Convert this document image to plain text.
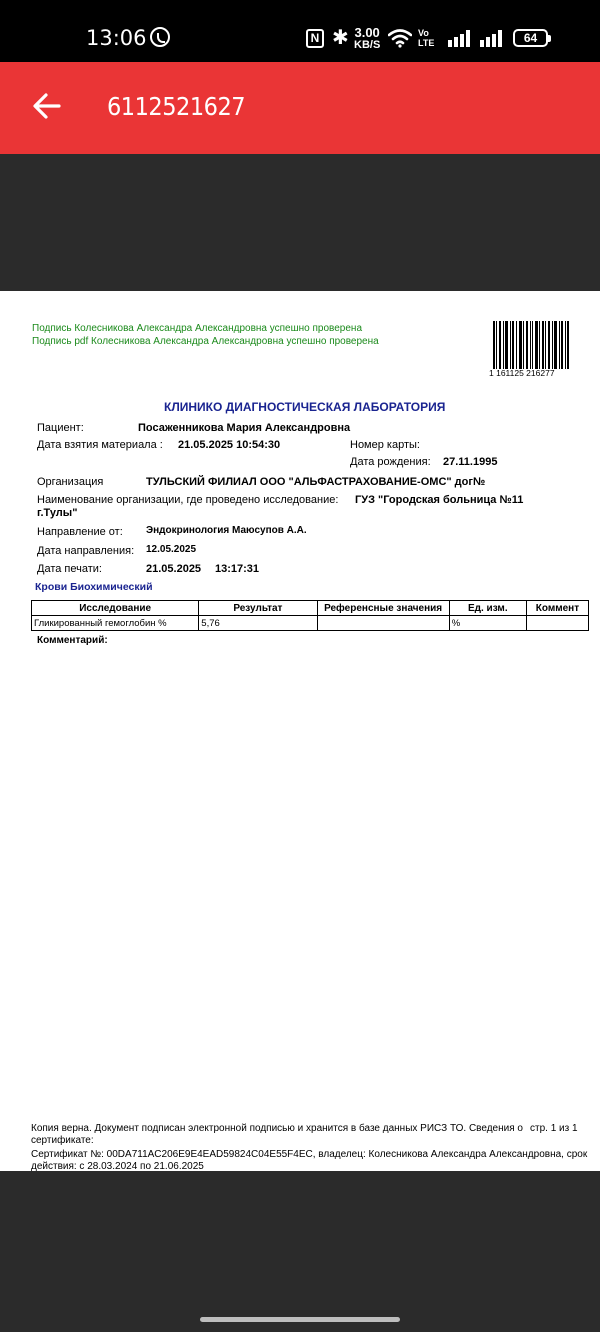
13:06	N ✱ 3.00
KB/S
Vo
LTE	64
6112521627
Подпись Колесникова Александра Александровна успешно проверена
Подпись pdf Колесникова Александра Александровна успешно проверена
1 161125 216277
КЛИНИКО ДИАГНОСТИЧЕСКАЯ ЛАБОРАТОРИЯ
Пациент:	Посаженникова Мария Александровна
Дата взятия материала : 21.05.2025 10:54:30	Номер карты:
Дата рождения: 27.11.1995
Организация	ТУЛЬСКИЙ ФИЛИАЛ ООО "АЛЬФАСТРАХОВАНИЕ-ОМС" дог№
Наименование организации, где проведено исследование: ГУЗ "Городская больница №11
г.Тулы"
Направление от: Эндокринология Маюсупов А.А.
Дата направления: 12.05.2025
Дата печати:	21.05.2025 13:17:31
Крови Биохимический
Исследование	Результат	Референсные значения	Ед. изм.	Коммент
Гликированный гемоглобин %	5,76		%	
Комментарий:
Копия верна. Документ подписан электронной подписью и хранится в базе данных РИСЗ ТО. Сведения о сертификате:
стр. 1 из 1
Сертификат №: 00DA711AC206E9E4EAD59824C04E55F4EC, владелец: Колесникова Александра Александровна, срок действия: с 28.03.2024 по 21.06.2025
